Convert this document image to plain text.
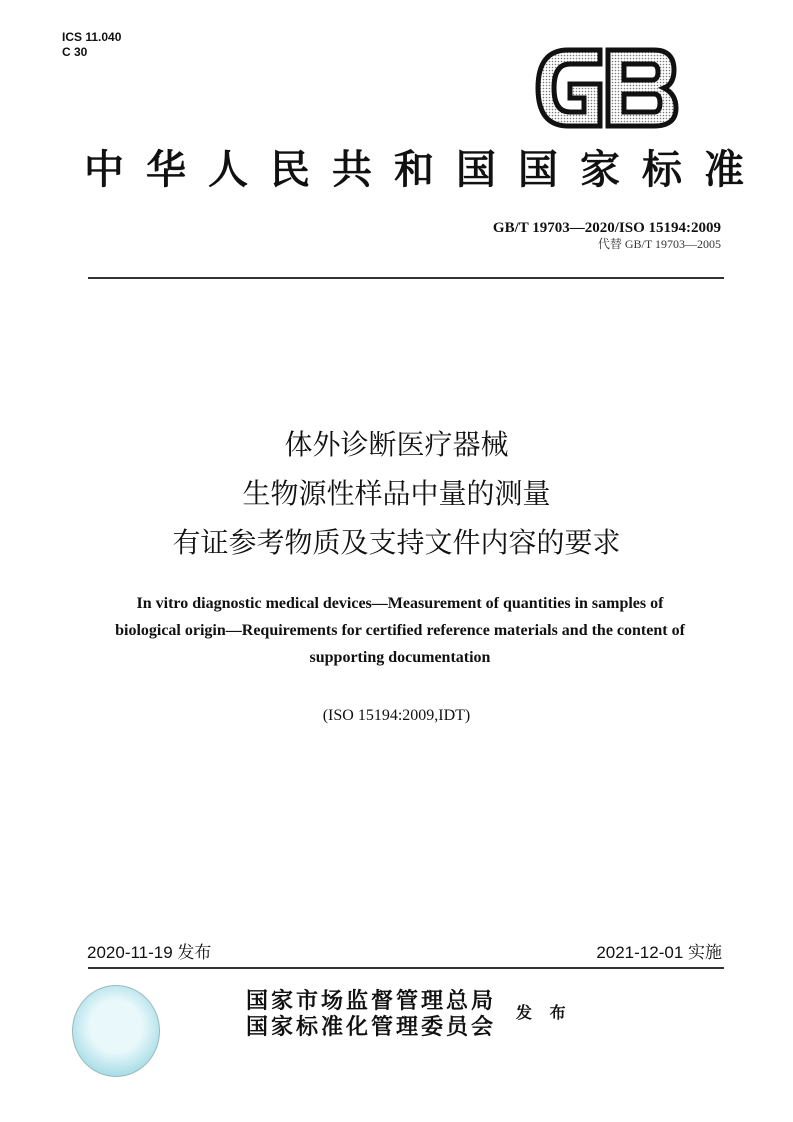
ICS 11.040
C 30
中华人民共和国国家标准
GB/T 19703—2020/ISO 15194:2009
代替 GB/T 19703—2005
体外诊断医疗器械
生物源性样品中量的测量
有证参考物质及支持文件内容的要求
In vitro diagnostic medical devices—Measurement of quantities in samples of
biological origin—Requirements for certified reference materials and the content of
supporting documentation
(ISO 15194:2009,IDT)
2020-11-19 发布	2021-12-01 实施
国家市场监督管理总局
国家标准化管理委员会
发 布
